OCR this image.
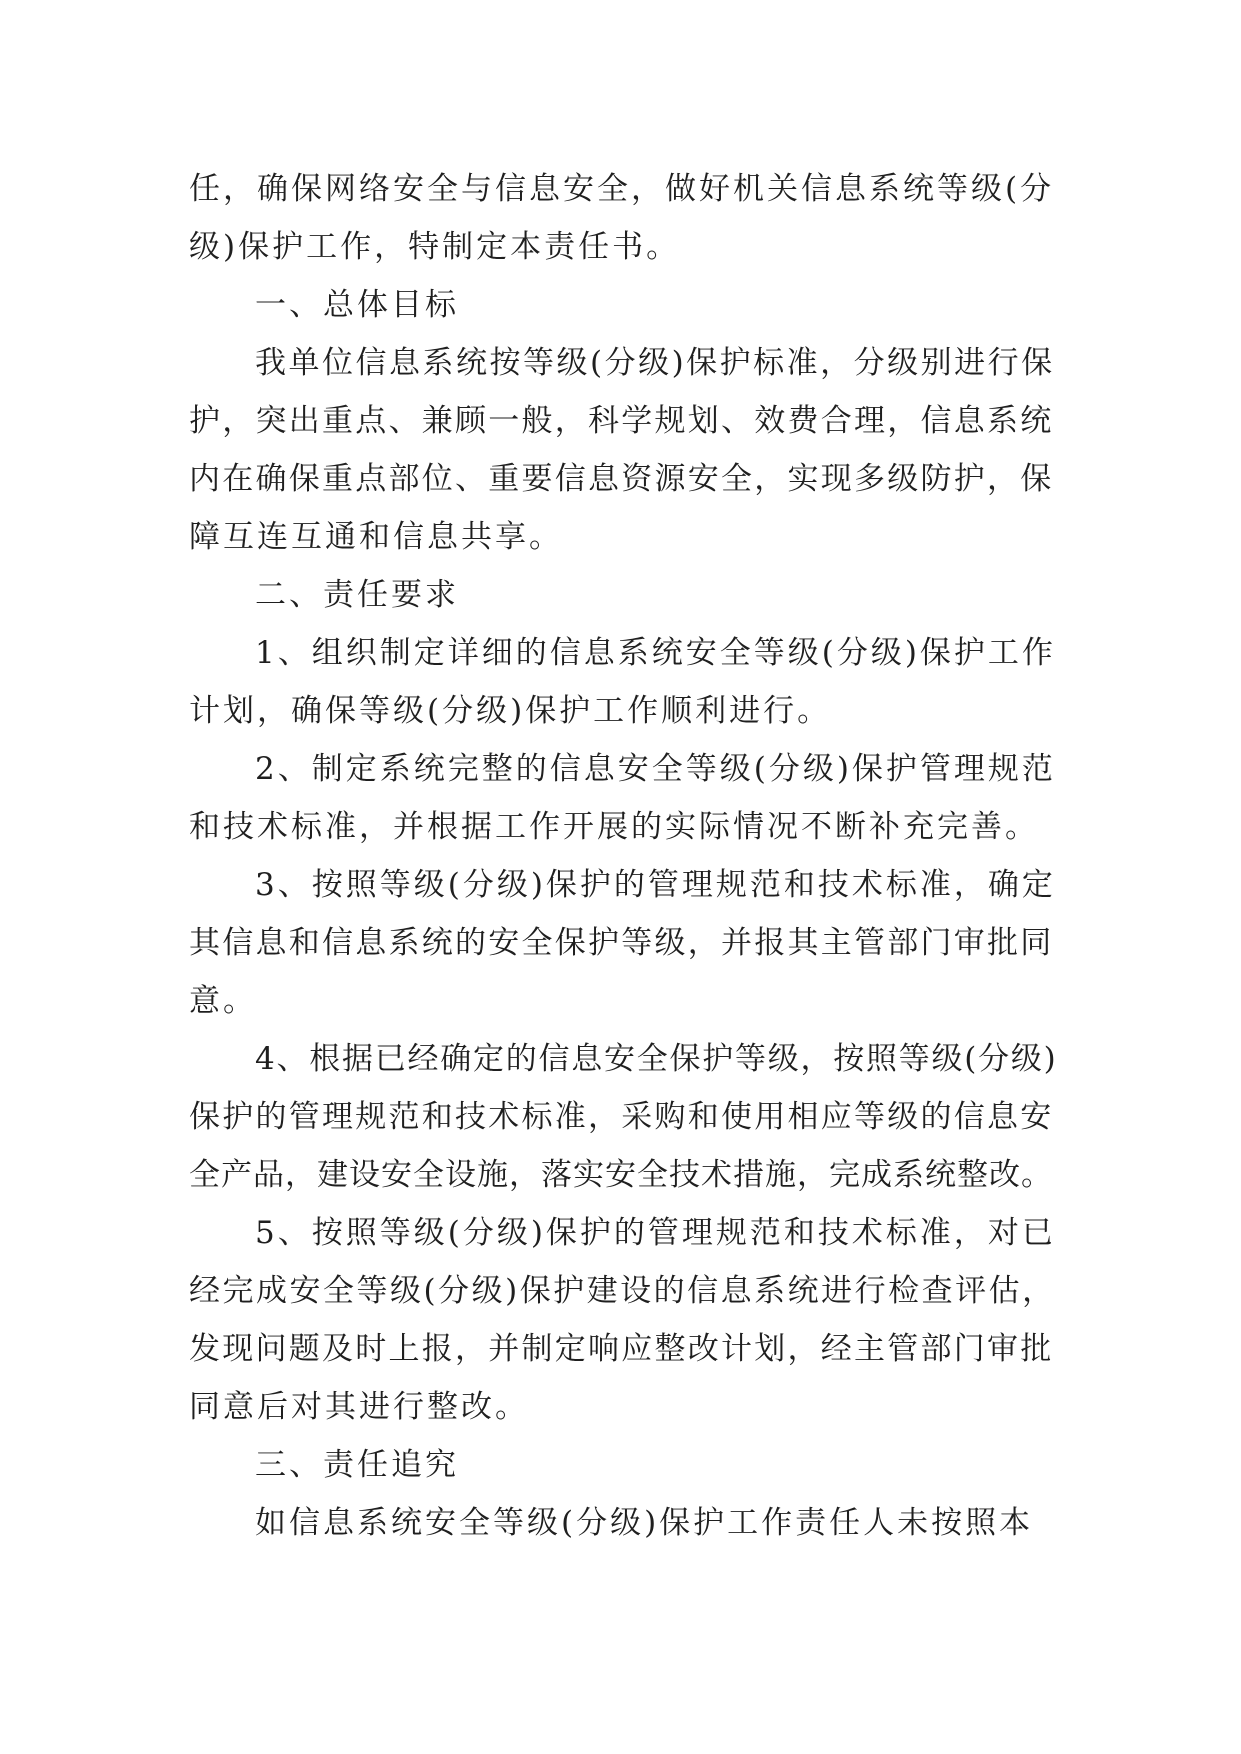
任，确保网络安全与信息安全，做好机关信息系统等级(分
级)保护工作，特制定本责任书。
一、总体目标
我单位信息系统按等级(分级)保护标准，分级别进行保
护，突出重点、兼顾一般，科学规划、效费合理，信息系统
内在确保重点部位、重要信息资源安全，实现多级防护，保
障互连互通和信息共享。
二、责任要求
1、组织制定详细的信息系统安全等级(分级)保护工作
计划，确保等级(分级)保护工作顺利进行。
2、制定系统完整的信息安全等级(分级)保护管理规范
和技术标准，并根据工作开展的实际情况不断补充完善。
3、按照等级(分级)保护的管理规范和技术标准，确定
其信息和信息系统的安全保护等级，并报其主管部门审批同
意。
4、根据已经确定的信息安全保护等级，按照等级(分级)
保护的管理规范和技术标准，采购和使用相应等级的信息安
全产品，建设安全设施，落实安全技术措施，完成系统整改。
5、按照等级(分级)保护的管理规范和技术标准，对已
经完成安全等级(分级)保护建设的信息系统进行检查评估，
发现问题及时上报，并制定响应整改计划，经主管部门审批
同意后对其进行整改。
三、责任追究
如信息系统安全等级(分级)保护工作责任人未按照本
